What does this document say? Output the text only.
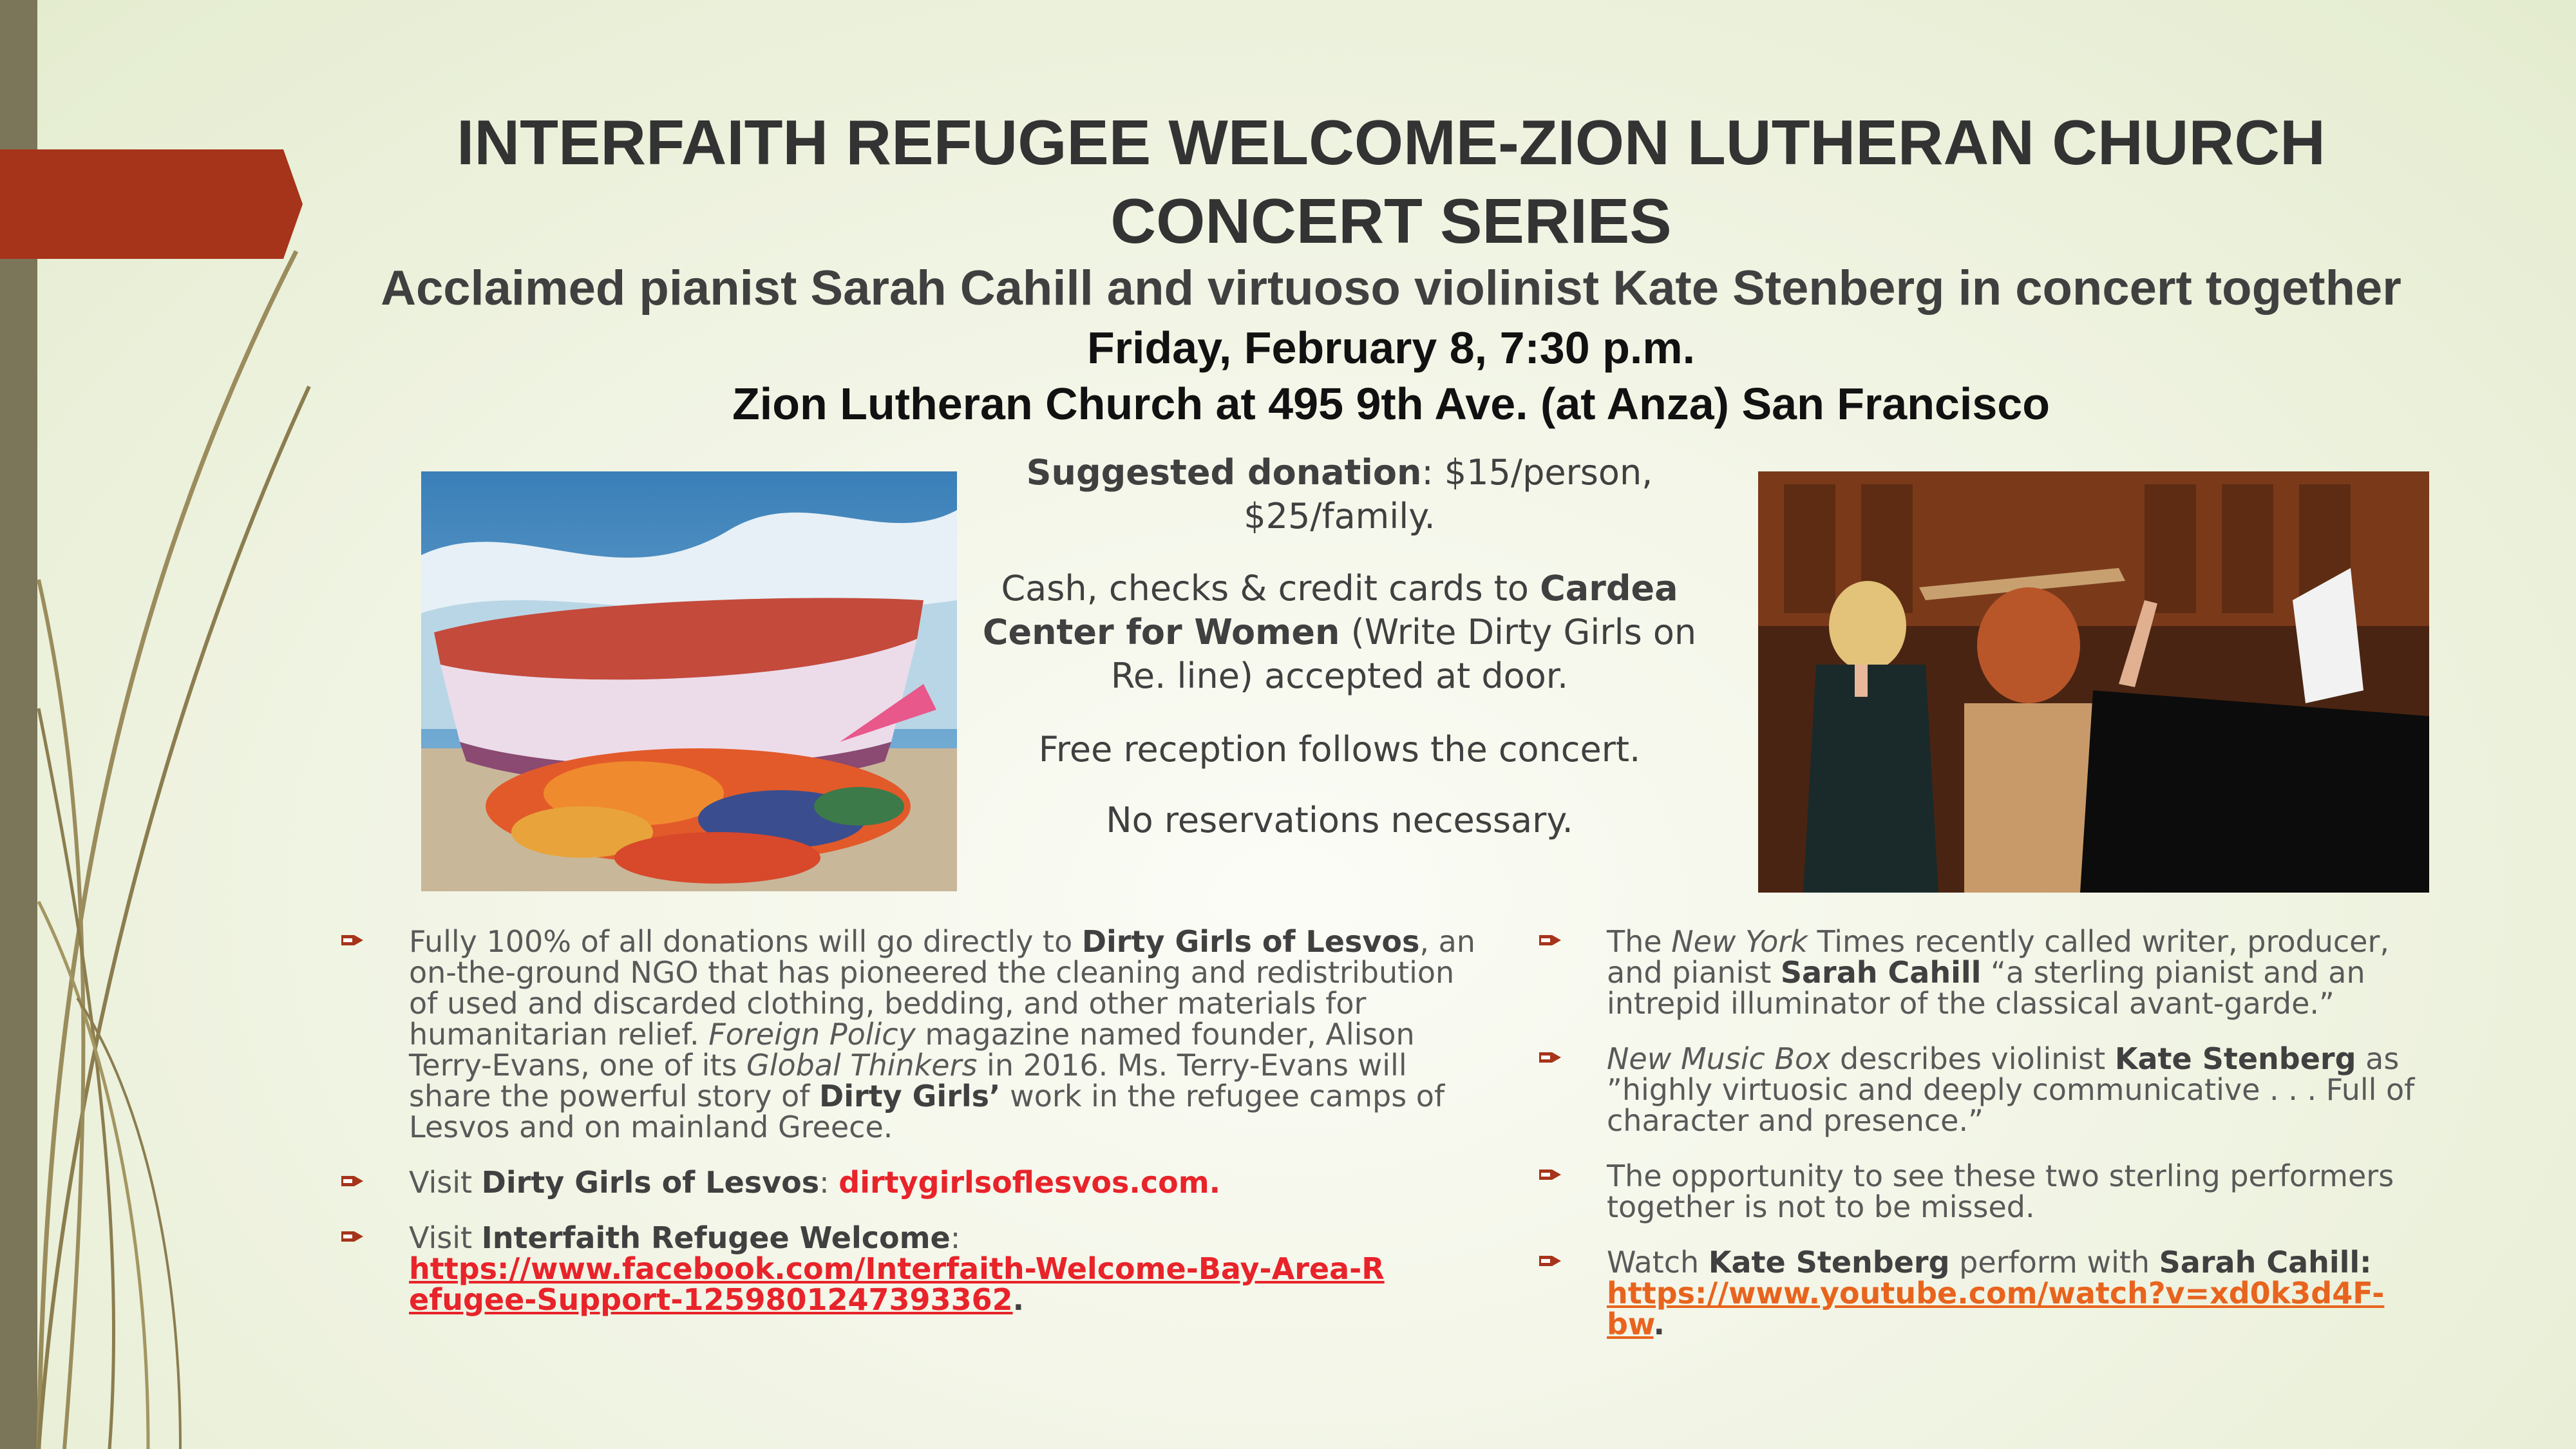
INTERFAITH REFUGEE WELCOME-ZION LUTHERAN CHURCH
CONCERT SERIES
Acclaimed pianist Sarah Cahill and virtuoso violinist Kate Stenberg in concert together
Friday, February 8, 7:30 p.m.
Zion Lutheran Church at 495 9th Ave. (at Anza) San Francisco

Suggested donation: $15/person, $25/family.

Cash, checks & credit cards to Cardea Center for Women (Write Dirty Girls on Re. line) accepted at door.

Free reception follows the concert.
No reservations necessary.
Fully 100% of all donations will go directly to Dirty Girls of Lesvos, an on-the-ground NGO that has pioneered the cleaning and redistribution of used and discarded clothing, bedding, and other materials for humanitarian relief. Foreign Policy magazine named founder, Alison Terry-Evans, one of its Global Thinkers in 2016. Ms. Terry-Evans will share the powerful story of Dirty Girls’ work in the refugee camps of Lesvos and on mainland Greece.
Visit Dirty Girls of Lesvos: dirtygirlsoflesvos.com.
Visit Interfaith Refugee Welcome:
https://www.facebook.com/Interfaith-Welcome-Bay-Area-Refugee-Support-1259801247393362.
The New York Times recently called writer, producer, and pianist Sarah Cahill “a sterling pianist and an intrepid illuminator of the classical avant-garde.”
New Music Box describes violinist Kate Stenberg as ”highly virtuosic and deeply communicative . . . Full of character and presence.”
The opportunity to see these two sterling performers together is not to be missed.
Watch Kate Stenberg perform with Sarah Cahill:
https://www.youtube.com/watch?v=xd0k3d4F-bw.
